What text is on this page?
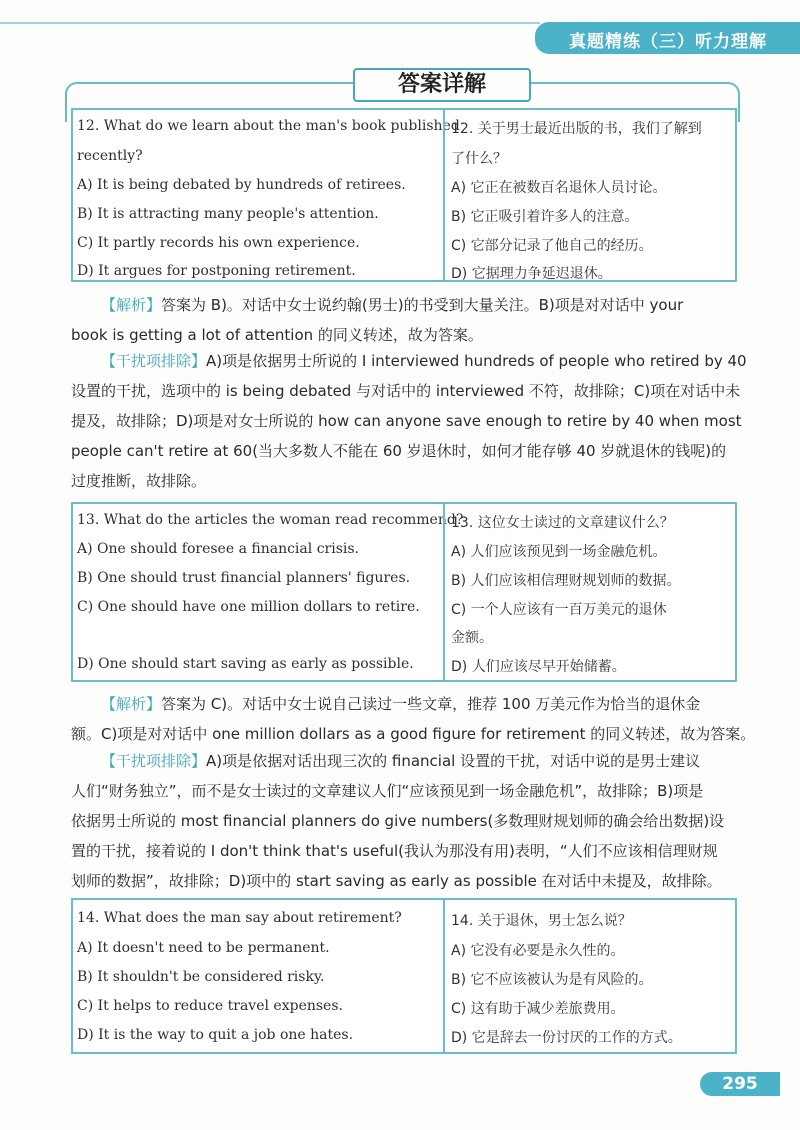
真题精练（三）听力理解
答案详解
12. What do we learn about the man's book published
recently?
A) It is being debated by hundreds of retirees.
B) It is attracting many people's attention.
C) It partly records his own experience.
D) It argues for postponing retirement.
12. 关于男士最近出版的书，我们了解到
了什么？
A) 它正在被数百名退休人员讨论。
B) 它正吸引着许多人的注意。
C) 它部分记录了他自己的经历。
D) 它据理力争延迟退休。
【解析】答案为 B)。对话中女士说约翰(男士)的书受到大量关注。B)项是对对话中 your
book is getting a lot of attention 的同义转述，故为答案。
【干扰项排除】A)项是依据男士所说的 I interviewed hundreds of people who retired by 40
设置的干扰，选项中的 is being debated 与对话中的 interviewed 不符，故排除；C)项在对话中未
提及，故排除；D)项是对女士所说的 how can anyone save enough to retire by 40 when most
people can't retire at 60(当大多数人不能在 60 岁退休时，如何才能存够 40 岁就退休的钱呢)的
过度推断，故排除。
13. What do the articles the woman read recommend?
A) One should foresee a financial crisis.
B) One should trust financial planners' figures.
C) One should have one million dollars to retire.
D) One should start saving as early as possible.
13. 这位女士读过的文章建议什么？
A) 人们应该预见到一场金融危机。
B) 人们应该相信理财规划师的数据。
C) 一个人应该有一百万美元的退休
金额。
D) 人们应该尽早开始储蓄。
【解析】答案为 C)。对话中女士说自己读过一些文章，推荐 100 万美元作为恰当的退休金
额。C)项是对对话中 one million dollars as a good figure for retirement 的同义转述，故为答案。
【干扰项排除】A)项是依据对话出现三次的 financial 设置的干扰，对话中说的是男士建议
人们“财务独立”，而不是女士读过的文章建议人们“应该预见到一场金融危机”，故排除；B)项是
依据男士所说的 most financial planners do give numbers(多数理财规划师的确会给出数据)设
置的干扰，接着说的 I don't think that's useful(我认为那没有用)表明，“人们不应该相信理财规
划师的数据”，故排除；D)项中的 start saving as early as possible 在对话中未提及，故排除。
14. What does the man say about retirement?
A) It doesn't need to be permanent.
B) It shouldn't be considered risky.
C) It helps to reduce travel expenses.
D) It is the way to quit a job one hates.
14. 关于退休，男士怎么说？
A) 它没有必要是永久性的。
B) 它不应该被认为是有风险的。
C) 这有助于减少差旅费用。
D) 它是辞去一份讨厌的工作的方式。
295
